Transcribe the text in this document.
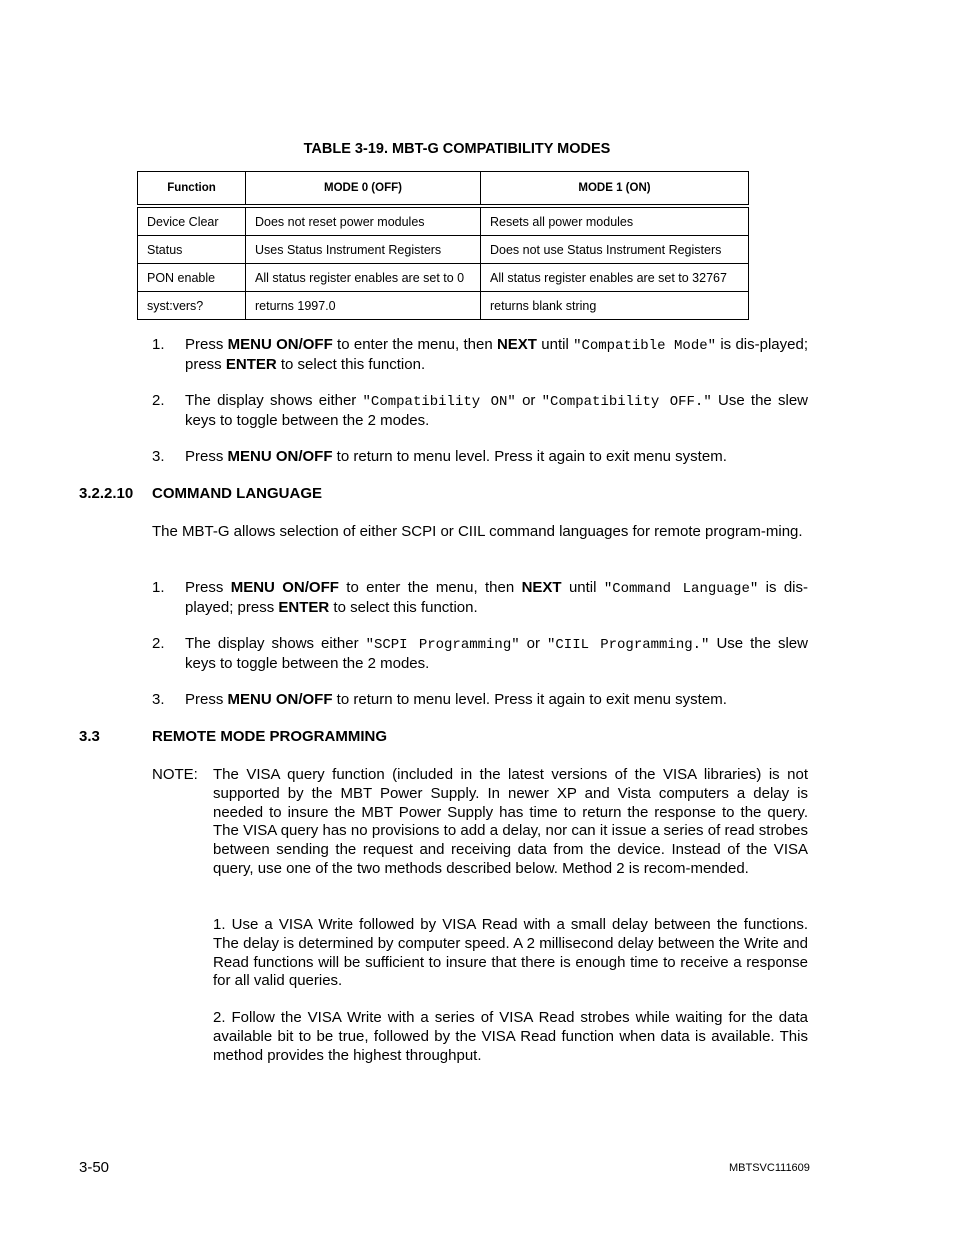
TABLE 3-19. MBT-G COMPATIBILITY MODES
Function	MODE 0 (OFF)	MODE 1 (ON)
Device Clear	Does not reset power modules	Resets all power modules
Status	Uses Status Instrument Registers	Does not use Status Instrument Registers
PON enable	All status register enables are set to 0	All status register enables are set to 32767
syst:vers?	returns 1997.0	returns blank string
1. Press MENU ON/OFF to enter the menu, then NEXT until "Compatible Mode" is dis-played; press ENTER to select this function.
2. The display shows either "Compatibility ON" or "Compatibility OFF." Use the slew keys to toggle between the 2 modes.
3. Press MENU ON/OFF to return to menu level. Press it again to exit menu system.
3.2.2.10 COMMAND LANGUAGE
The MBT-G allows selection of either SCPI or CIIL command languages for remote program-ming.
1. Press MENU ON/OFF to enter the menu, then NEXT until "Command Language" is dis-played; press ENTER to select this function.
2. The display shows either "SCPI Programming" or "CIIL Programming." Use the slew keys to toggle between the 2 modes.
3. Press MENU ON/OFF to return to menu level. Press it again to exit menu system.
3.3	REMOTE MODE PROGRAMMING
NOTE: The VISA query function (included in the latest versions of the VISA libraries) is not supported by the MBT Power Supply. In newer XP and Vista computers a delay is needed to insure the MBT Power Supply has time to return the response to the query. The VISA query has no provisions to add a delay, nor can it issue a series of read strobes between sending the request and receiving data from the device. Instead of the VISA query, use one of the two methods described below. Method 2 is recom-mended.
1. Use a VISA Write followed by VISA Read with a small delay between the functions. The delay is determined by computer speed. A 2 millisecond delay between the Write and Read functions will be sufficient to insure that there is enough time to receive a response for all valid queries.
2. Follow the VISA Write with a series of VISA Read strobes while waiting for the data available bit to be true, followed by the VISA Read function when data is available. This method provides the highest throughput.
3-50	MBTSVC111609
